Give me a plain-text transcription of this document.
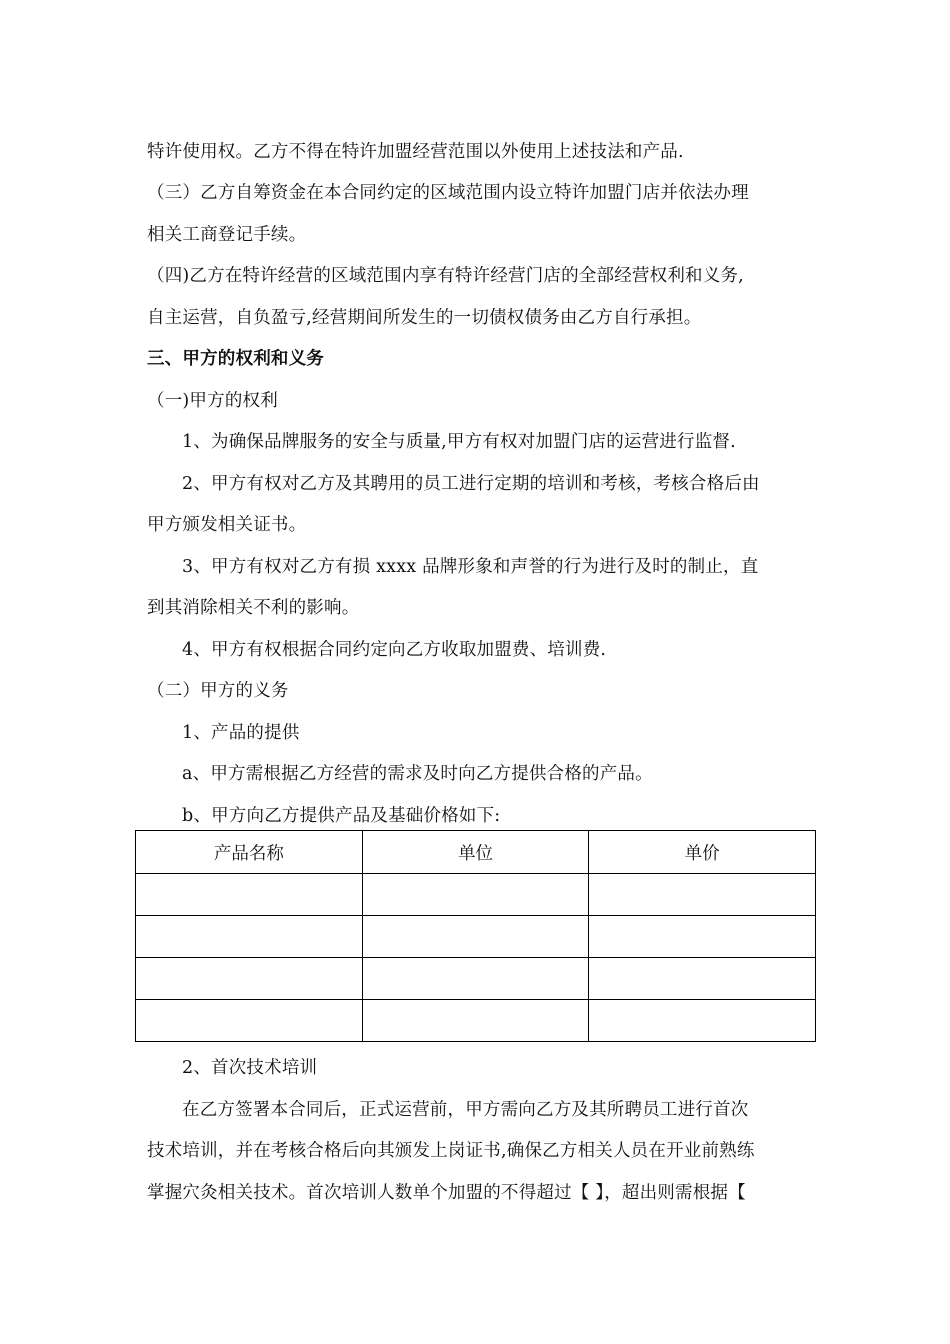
特许使用权。乙方不得在特许加盟经营范围以外使用上述技法和产品.
（三）乙方自筹资金在本合同约定的区域范围内设立特许加盟门店并依法办理
相关工商登记手续。
（四)乙方在特许经营的区域范围内享有特许经营门店的全部经营权利和义务,
自主运营，自负盈亏,经营期间所发生的一切债权债务由乙方自行承担。
三、甲方的权利和义务
（一)甲方的权利
1、为确保品牌服务的安全与质量,甲方有权对加盟门店的运营进行监督.
2、甲方有权对乙方及其聘用的员工进行定期的培训和考核，考核合格后由
甲方颁发相关证书。
3、甲方有权对乙方有损 xxxx 品牌形象和声誉的行为进行及时的制止，直
到其消除相关不利的影响。
4、甲方有权根据合同约定向乙方收取加盟费、培训费.
（二）甲方的义务
1、产品的提供
a、甲方需根据乙方经营的需求及时向乙方提供合格的产品。
b、甲方向乙方提供产品及基础价格如下:
产品名称	单位	单价

2、首次技术培训
在乙方签署本合同后，正式运营前，甲方需向乙方及其所聘员工进行首次
技术培训，并在考核合格后向其颁发上岗证书,确保乙方相关人员在开业前熟练
掌握穴灸相关技术。首次培训人数单个加盟的不得超过【 】，超出则需根据【
